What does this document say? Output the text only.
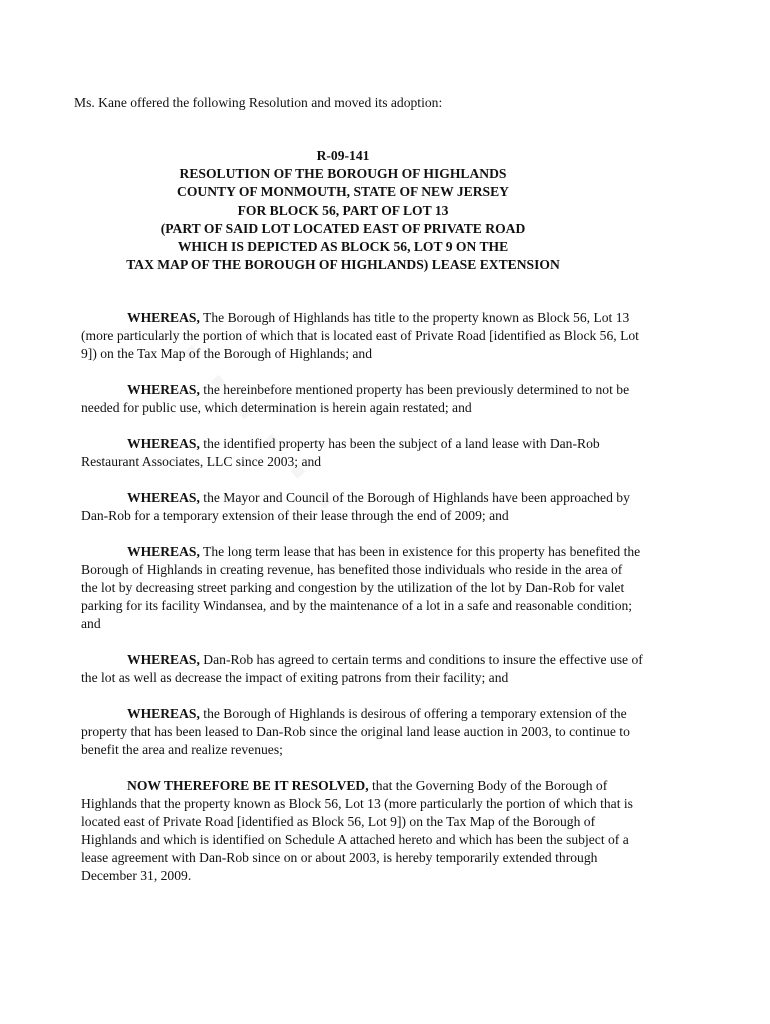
Ms. Kane offered the following Resolution and moved its adoption:
R-09-141
RESOLUTION OF THE BOROUGH OF HIGHLANDS
COUNTY OF MONMOUTH, STATE OF NEW JERSEY
FOR BLOCK 56, PART OF LOT 13
(PART OF SAID LOT LOCATED EAST OF PRIVATE ROAD
WHICH IS DEPICTED AS BLOCK 56, LOT 9 ON THE
TAX MAP OF THE BOROUGH OF HIGHLANDS) LEASE EXTENSION

WHEREAS, The Borough of Highlands has title to the property known as Block 56, Lot 13
(more particularly the portion of which that is located east of Private Road [identified as Block 56, Lot
9]) on the Tax Map of the Borough of Highlands; and

WHEREAS, the hereinbefore mentioned property has been previously determined to not be
needed for public use, which determination is herein again restated; and

WHEREAS, the identified property has been the subject of a land lease with Dan-Rob
Restaurant Associates, LLC since 2003; and

WHEREAS, the Mayor and Council of the Borough of Highlands have been approached by
Dan-Rob for a temporary extension of their lease through the end of 2009; and

WHEREAS, The long term lease that has been in existence for this property has benefited the
Borough of Highlands in creating revenue, has benefited those individuals who reside in the area of
the lot by decreasing street parking and congestion by the utilization of the lot by Dan-Rob for valet
parking for its facility Windansea, and by the maintenance of a lot in a safe and reasonable condition;
and

WHEREAS, Dan-Rob has agreed to certain terms and conditions to insure the effective use of
the lot as well as decrease the impact of exiting patrons from their facility; and

WHEREAS, the Borough of Highlands is desirous of offering a temporary extension of the
property that has been leased to Dan-Rob since the original land lease auction in 2003, to continue to
benefit the area and realize revenues;

NOW THEREFORE BE IT RESOLVED, that the Governing Body of the Borough of
Highlands that the property known as Block 56, Lot 13 (more particularly the portion of which that is
located east of Private Road [identified as Block 56, Lot 9]) on the Tax Map of the Borough of
Highlands and which is identified on Schedule A attached hereto and which has been the subject of a
lease agreement with Dan-Rob since on or about 2003, is hereby temporarily extended through
December 31, 2009.
